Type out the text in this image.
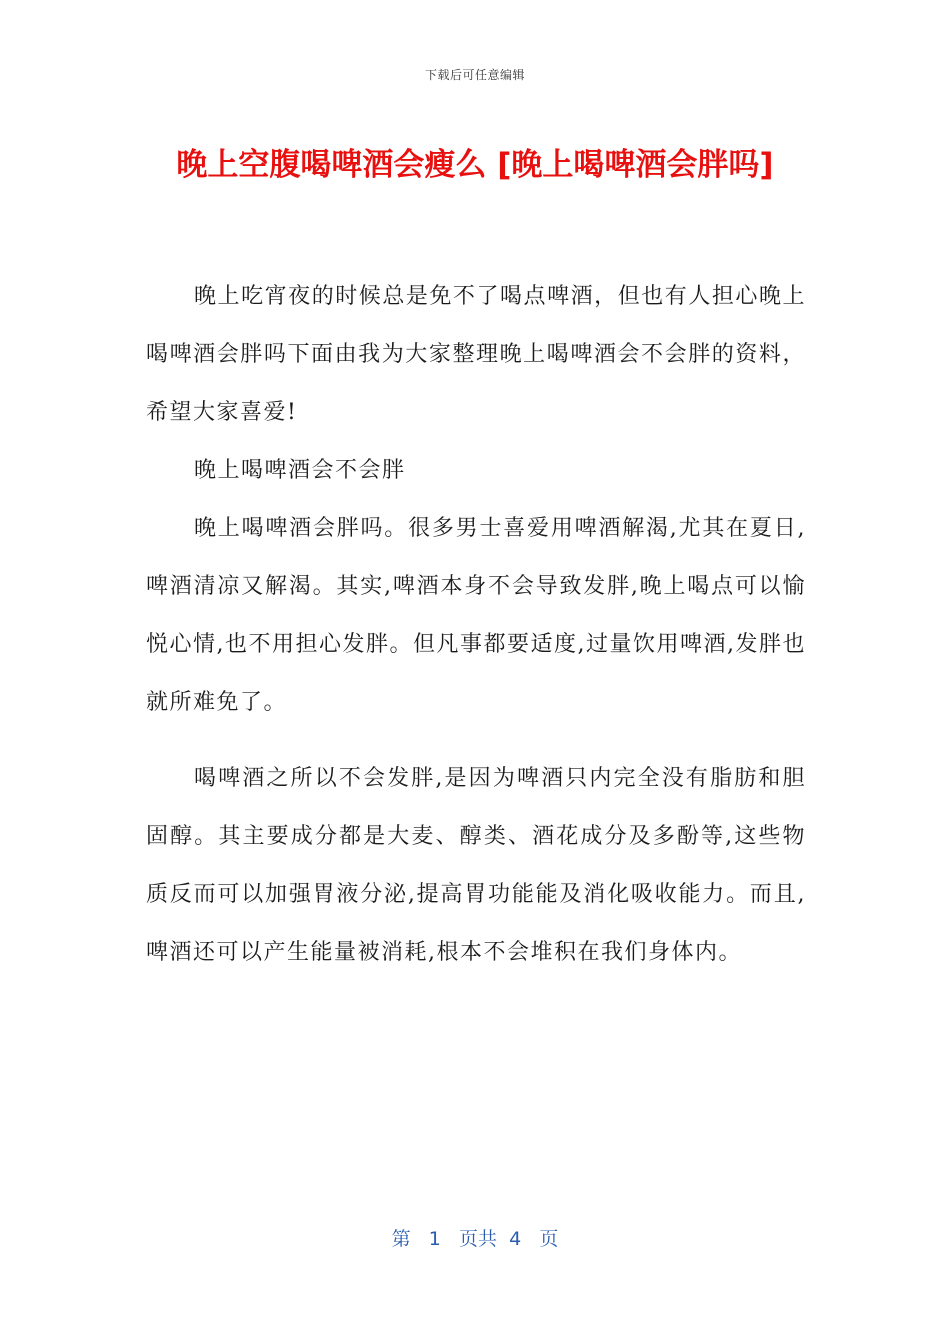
下载后可任意编辑
晚上空腹喝啤酒会瘦么 [晚上喝啤酒会胖吗]

晚上吃宵夜的时候总是免不了喝点啤酒，但也有人担心晚上喝啤酒会胖吗下面由我为大家整理晚上喝啤酒会不会胖的资料，希望大家喜爱!

晚上喝啤酒会不会胖

晚上喝啤酒会胖吗。很多男士喜爱用啤酒解渴,尤其在夏日,啤酒清凉又解渴。其实,啤酒本身不会导致发胖,晚上喝点可以愉悦心情,也不用担心发胖。但凡事都要适度,过量饮用啤酒,发胖也就所难免了。

喝啤酒之所以不会发胖,是因为啤酒只内完全没有脂肪和胆固醇。其主要成分都是大麦、醇类、酒花成分及多酚等,这些物质反而可以加强胃液分泌,提高胃功能能及消化吸收能力。而且,啤酒还可以产生能量被消耗,根本不会堆积在我们身体内。

第 1 页共 4 页
